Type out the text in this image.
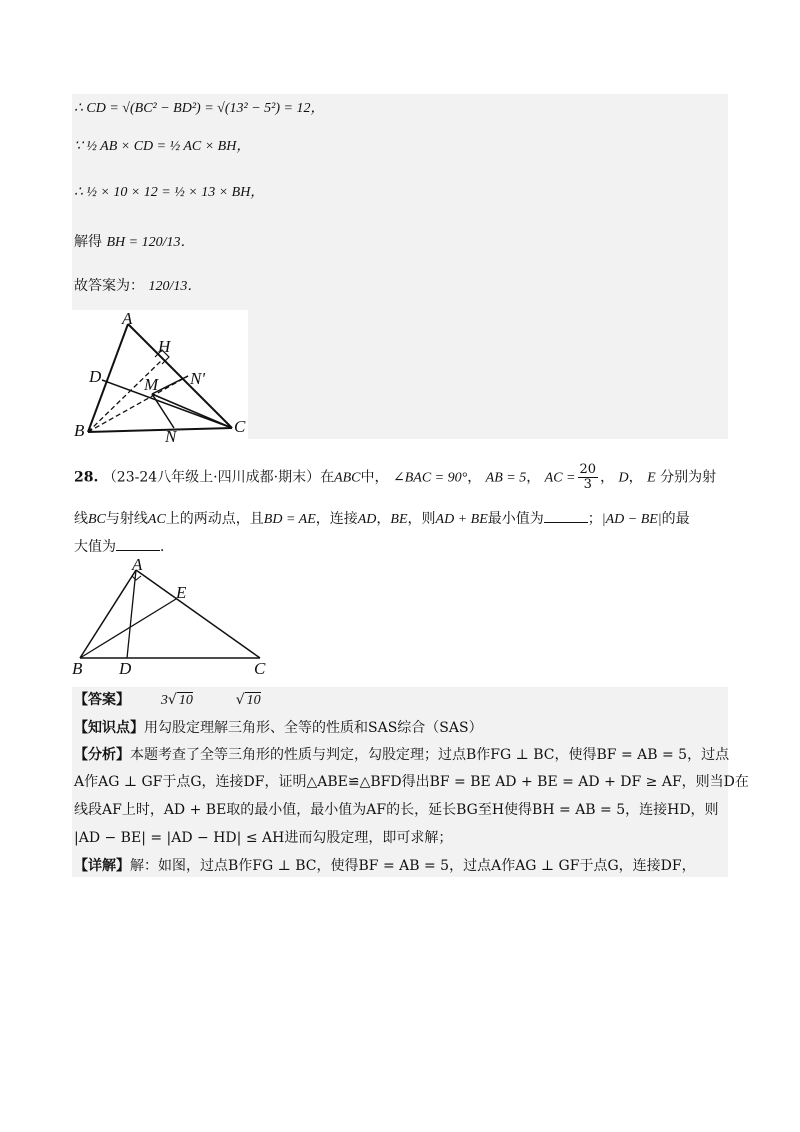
∴ CD = √(BC² − BD²) = √(13² − 5²) = 12，
∵ ½ AB × CD = ½ AC × BH，
∴ ½ × 10 × 12 = ½ × 13 × BH，
解得 BH = 120/13．
故答案为： 120/13．
A
H
D	M N'
B	N
C
28. （23-24八年级上·四川成都·期末）在ABC中， ∠BAC = 90°， AB = 5， AC = $\frac{20}{3}$ ， D， E 分别为射
线BC与射线AC上的两动点，且BD = AE，连接AD，BE，则AD + BE最小值为	；|AD − BE|的最
大值为	．
A
E
B D	C
【答案】 3√ 10	√ 10
【知识点】用勾股定理解三角形、全等的性质和SAS综合（SAS）
【分析】本题考查了全等三角形的性质与判定，勾股定理；过点B作FG ⊥ BC，使得BF = AB = 5，过点
A作AG ⊥ GF于点G，连接DF，证明△ABE≌△BFD得出BF = BE AD + BE = AD + DF ≥ AF，则当D在
线段AF上时，AD + BE取的最小值，最小值为AF的长，延长BG至H使得BH = AB = 5，连接HD，则
|AD − BE| = |AD − HD| ≤ AH进而勾股定理，即可求解；
【详解】解：如图，过点B作FG ⊥ BC，使得BF = AB = 5，过点A作AG ⊥ GF于点G，连接DF，
